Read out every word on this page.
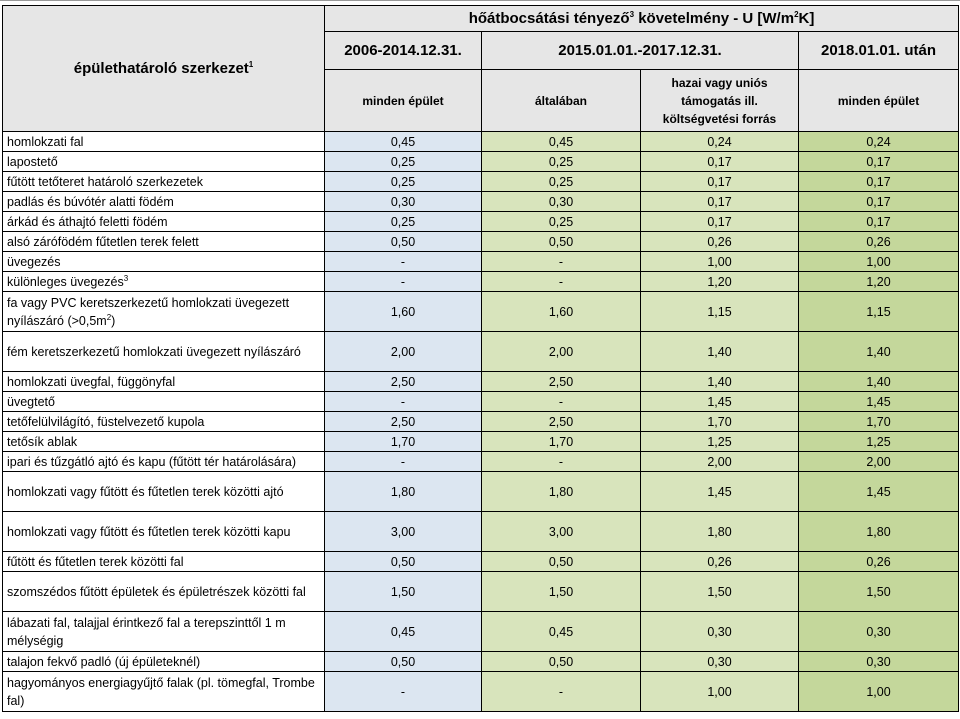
épülethatároló szerkezet$^1$	hőátbocsátási tényező$^3$ követelmény - U $[W/m^2K]$			
	2006-2014.12.31.	2015.01.01.-2017.12.31.		2018.01.01. után
	minden épület	általában	hazai vagy uniós támogatás ill. költségvetési forrás	minden épület
homlokzati fal	0,45	0,45	0,24	0,24
lapostető	0,25	0,25	0,17	0,17
fűtött tetőteret határoló szerkezetek	0,25	0,25	0,17	0,17
padlás és búvótér alatti födém	0,30	0,30	0,17	0,17
árkád és áthajtó feletti födém	0,25	0,25	0,17	0,17
alsó zárófödém fűtetlen terek felett	0,50	0,50	0,26	0,26
üvegezés	-	-	1,00	1,00
különleges üvegezés$^3$	-	-	1,20	1,20
fa vagy PVC keretszerkezetű homlokzati üvegezett nyílászáró $(>0,5m^2)$	1,60	1,60	1,15	1,15
fém keretszerkezetű homlokzati üvegezett nyílászáró	2,00	2,00	1,40	1,40
homlokzati üvegfal, függönyfal	2,50	2,50	1,40	1,40
üvegtető	-	-	1,45	1,45
tetőfelülvilágító, füstelvezető kupola	2,50	2,50	1,70	1,70
tetősík ablak	1,70	1,70	1,25	1,25
ipari és tűzgátló ajtó és kapu (fűtött tér határolására)	-	-	2,00	2,00
homlokzati vagy fűtött és fűtetlen terek közötti ajtó	1,80	1,80	1,45	1,45
homlokzati vagy fűtött és fűtetlen terek közötti kapu	3,00	3,00	1,80	1,80
fűtött és fűtetlen terek közötti fal	0,50	0,50	0,26	0,26
szomszédos fűtött épületek és épületrészek közötti fal	1,50	1,50	1,50	1,50
lábazati fal, talajjal érintkező fal a terepszinttől 1 m mélységig	0,45	0,45	0,30	0,30
talajon fekvő padló (új épületeknél)	0,50	0,50	0,30	0,30
hagyományos energiagyűjtő falak (pl. tömegfal, Trombe fal)	-	-	1,00	1,00
